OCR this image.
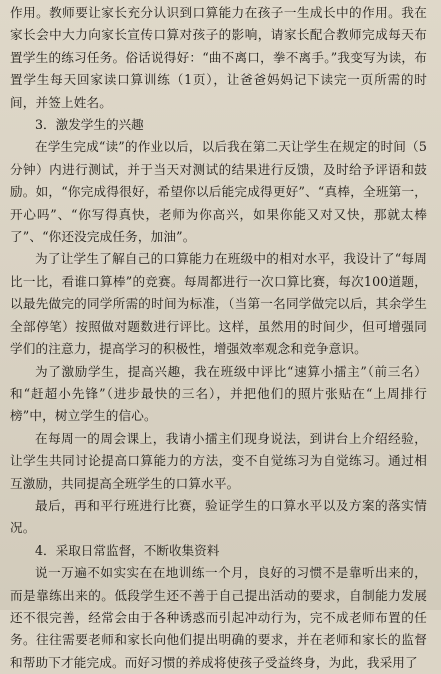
作用。教师要让家长充分认识到口算能力在孩子一生成长中的作用。我在家长会中大力向家长宣传口算对孩子的影响，请家长配合教师完成每天布置学生的练习任务。俗话说得好：“曲不离口，拳不离手。”我变写为读，布置学生每天回家读口算训练（1页），让爸爸妈妈记下读完一页所需的时间，并签上姓名。

3．激发学生的兴趣

在学生完成“读”的作业以后，以后我在第二天让学生在规定的时间（5分钟）内进行测试，并于当天对测试的结果进行反馈，及时给予评语和鼓励。如，“你完成得很好，希望你以后能完成得更好”、“真棒，全班第一，开心吗”、“你写得真快，老师为你高兴，如果你能又对又快，那就太棒了”、“你还没完成任务，加油”。

为了让学生了解自己的口算能力在班级中的相对水平，我设计了“每周比一比，看谁口算棒”的竞赛。每周都进行一次口算比赛，每次100道题，以最先做完的同学所需的时间为标准，（当第一名同学做完以后，其余学生全部停笔）按照做对题数进行评比。这样，虽然用的时间少，但可增强同学们的注意力，提高学习的积极性，增强效率观念和竞争意识。

为了激励学生，提高兴趣，我在班级中评比“速算小擂主”（前三名）和“赶超小先锋”（进步最快的三名），并把他们的照片张贴在“上周排行榜”中，树立学生的信心。

在每周一的周会课上，我请小擂主们现身说法，到讲台上介绍经验，让学生共同讨论提高口算能力的方法，变不自觉练习为自觉练习。通过相互激励，共同提高全班学生的口算水平。

最后，再和平行班进行比赛，验证学生的口算水平以及方案的落实情况。

4．采取日常监督，不断收集资料

说一万遍不如实实在在地训练一个月，良好的习惯不是靠听出来的，而是靠练出来的。低段学生还不善于自己提出活动的要求，自制能力发展还不很完善，经常会由于各种诱惑而引起冲动行为，完不成老师布置的任务。往往需要老师和家长向他们提出明确的要求，并在老师和家长的监督和帮助下才能完成。而好习惯的养成将使孩子受益终身，为此，我采用了
